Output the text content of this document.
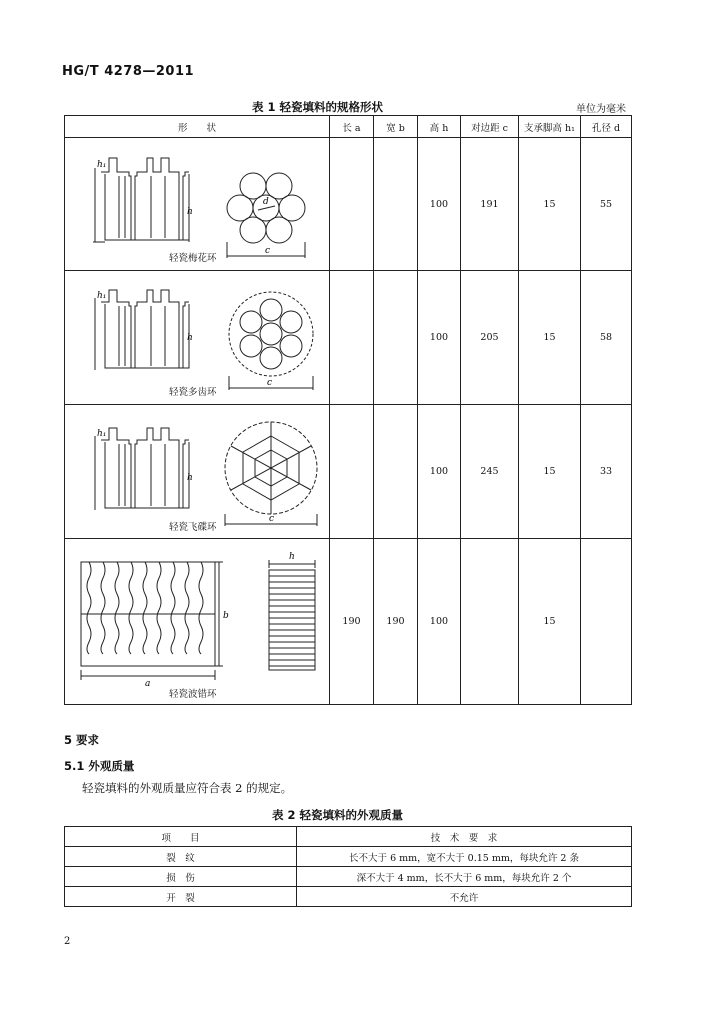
HG/T 4278—2011
表 1 轻瓷填料的规格形状	单位为毫米
形　　状	长 a	宽 b	高 h	对边距 c	支承脚高 h₁	孔径 d

h₁
h
d
c
轻瓷梅花环			100	191	15	55

h₁
h
c
轻瓷多齿环			100	205	15	58

h₁
h
c
轻瓷飞碟环			100	245	15	33

b
a
h
轻瓷波错环	190	190	100		15	
5 要求
5.1 外观质量
轻瓷填料的外观质量应符合表 2 的规定。
表 2 轻瓷填料的外观质量
项　　目	技　术　要　求
裂　纹	长不大于 6 mm，宽不大于 0.15 mm，每块允许 2 条
损　伤	深不大于 4 mm，长不大于 6 mm，每块允许 2 个
开　裂	不允许
2
